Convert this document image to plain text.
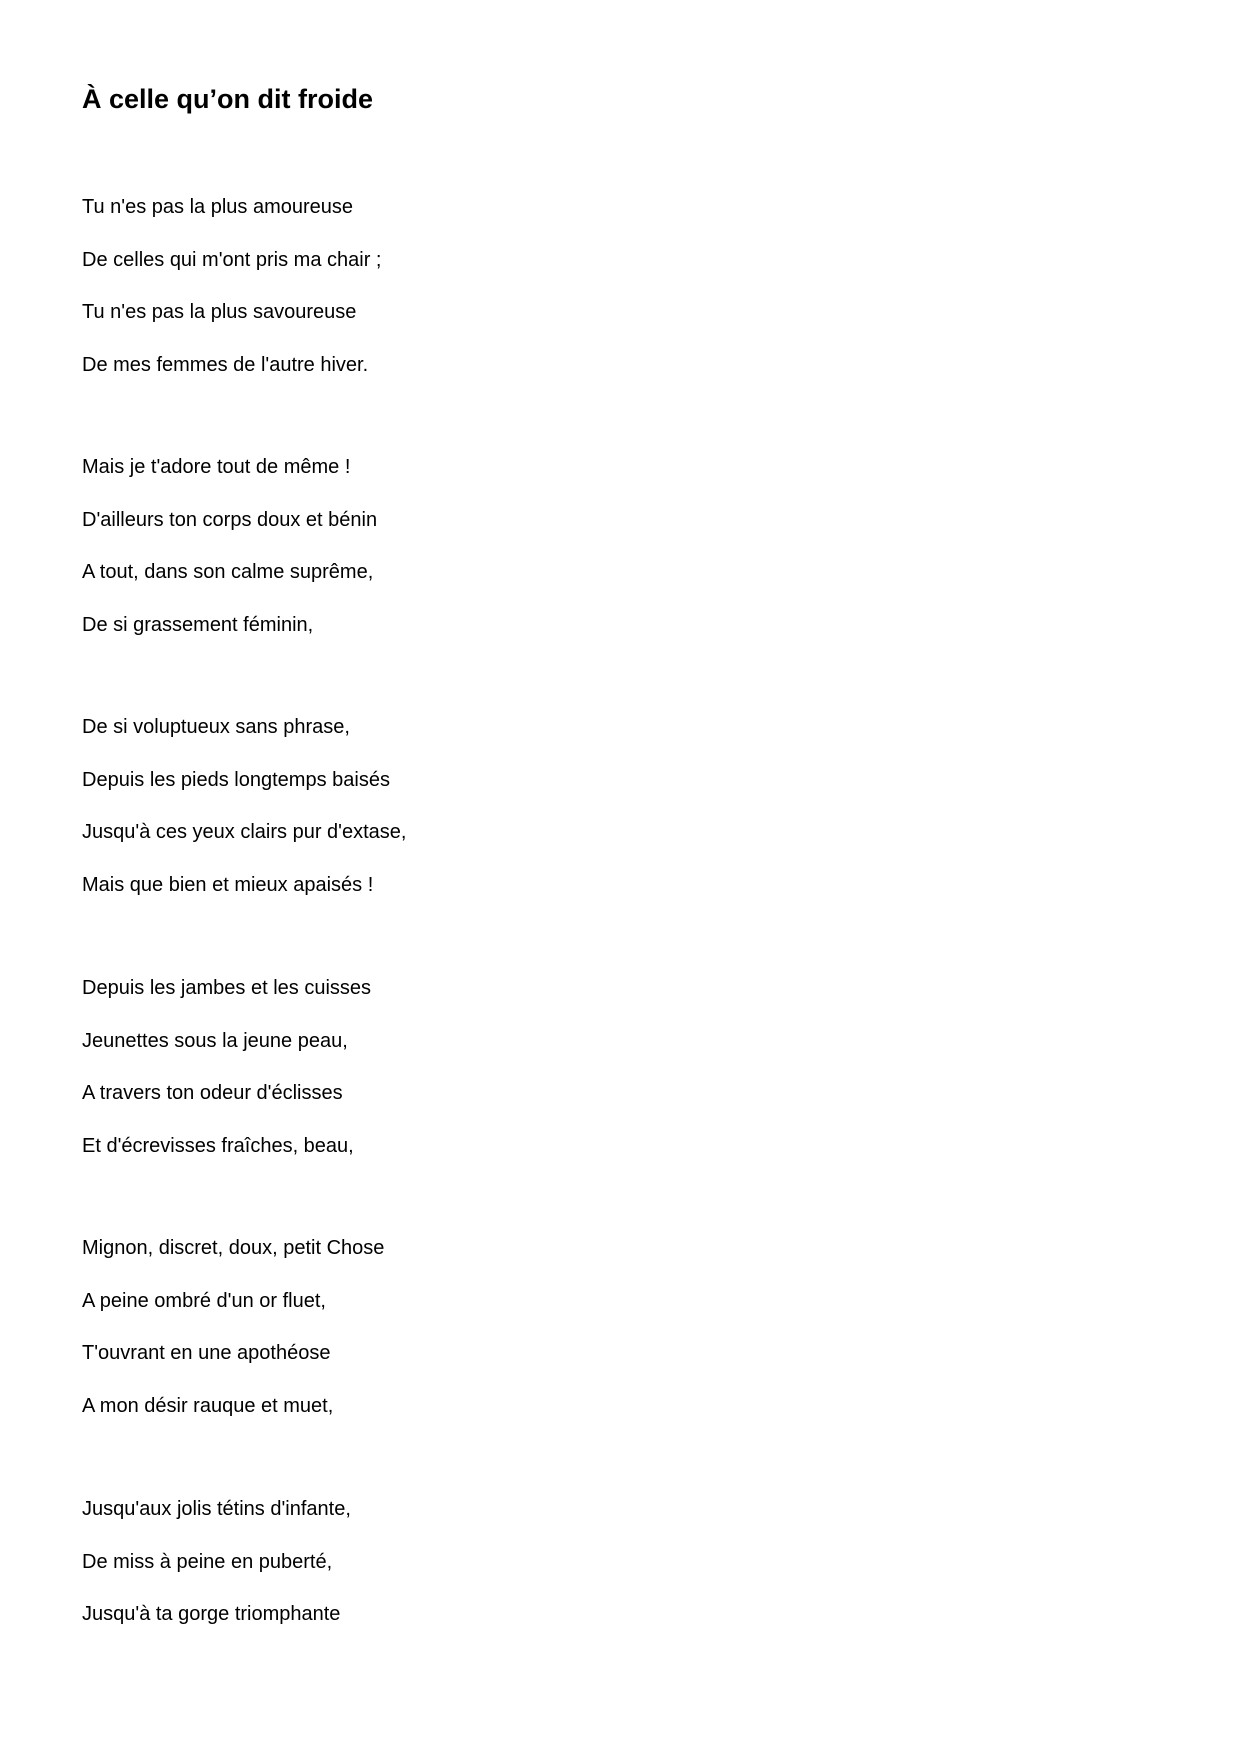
À celle qu’on dit froide
Tu n'es pas la plus amoureuse
De celles qui m'ont pris ma chair ;
Tu n'es pas la plus savoureuse
De mes femmes de l'autre hiver.
Mais je t'adore tout de même !
D'ailleurs ton corps doux et bénin
A tout, dans son calme suprême,
De si grassement féminin,
De si voluptueux sans phrase,
Depuis les pieds longtemps baisés
Jusqu'à ces yeux clairs pur d'extase,
Mais que bien et mieux apaisés !
Depuis les jambes et les cuisses
Jeunettes sous la jeune peau,
A travers ton odeur d'éclisses
Et d'écrevisses fraîches, beau,
Mignon, discret, doux, petit Chose
A peine ombré d'un or fluet,
T'ouvrant en une apothéose
A mon désir rauque et muet,
Jusqu'aux jolis tétins d'infante,
De miss à peine en puberté,
Jusqu'à ta gorge triomphante
